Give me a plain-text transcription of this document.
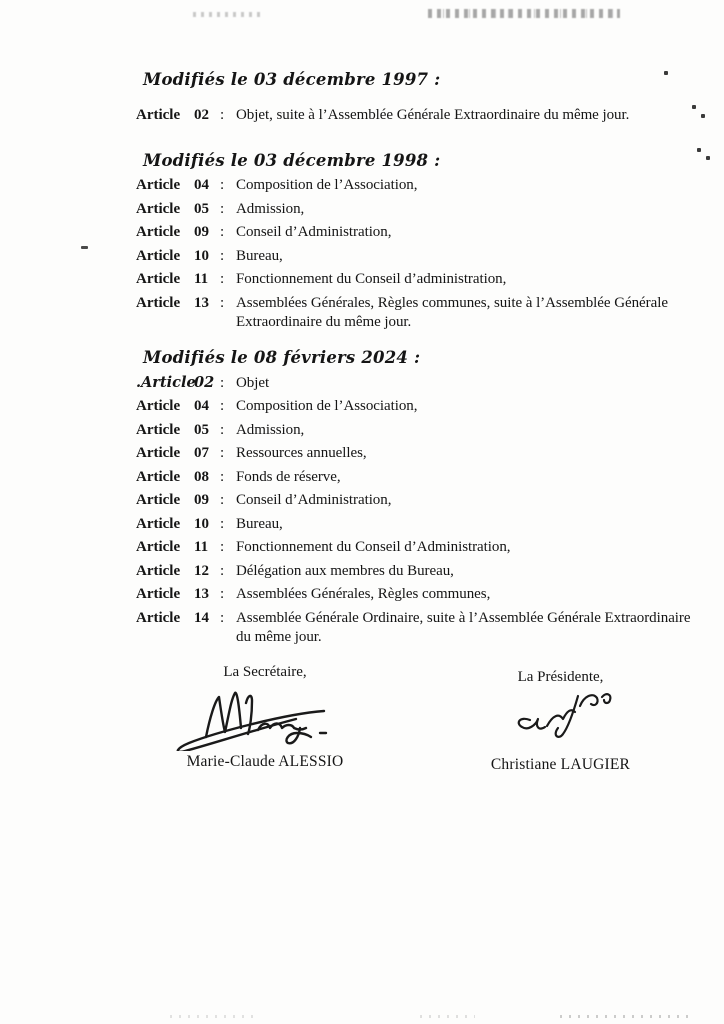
Modifiés le 03 décembre 1997 :
Article 02 : Objet, suite à l’Assemblée Générale Extraordinaire du même jour.
Modifiés le 03 décembre 1998 :
Article 04 : Composition de l’Association,
Article 05 : Admission,
Article 09 : Conseil d’Administration,
Article 10 : Bureau,
Article 11 : Fonctionnement du Conseil d’administration,
Article 13 : Assemblées Générales, Règles communes, suite à l’Assemblée Générale Extraordinaire du même jour.
Modifiés le 08 févriers 2024 :
.Article
02 : Objet
Article 04 : Composition de l’Association,
Article 05 : Admission,
Article 07 : Ressources annuelles,
Article 08 : Fonds de réserve,
Article 09 : Conseil d’Administration,
Article 10 : Bureau,
Article 11 : Fonctionnement du Conseil d’Administration,
Article 12 : Délégation aux membres du Bureau,
Article 13 : Assemblées Générales, Règles communes,
Article 14 : Assemblée Générale Ordinaire, suite à l’Assemblée Générale Extraordinaire du même jour.
La Secrétaire,
Marie-Claude ALESSIO
La Présidente,
Christiane LAUGIER
